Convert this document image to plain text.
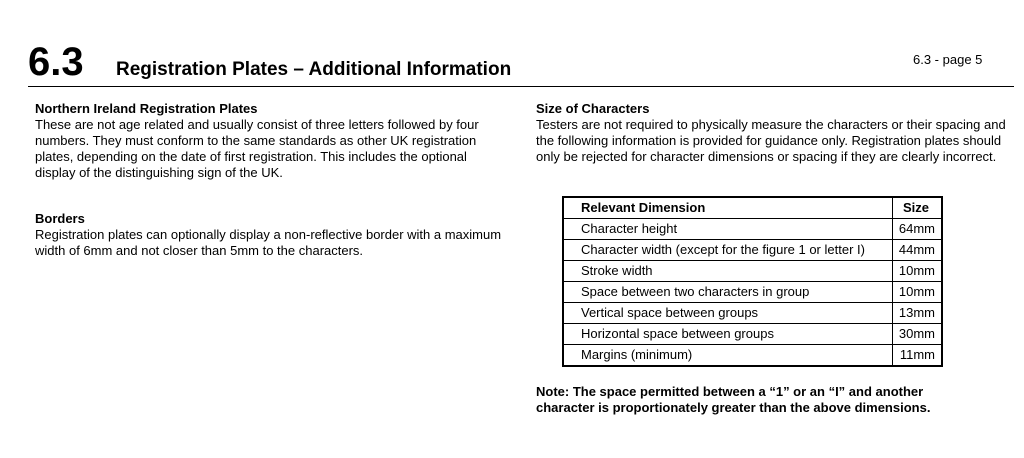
6.3 Registration Plates – Additional Information	6.3 - page 5
Northern Ireland Registration Plates

These are not age related and usually consist of three letters followed by four numbers. They must conform to the same standards as other UK registration plates, depending on the date of first registration. This includes the optional display of the distinguishing sign of the UK.

Borders

Registration plates can optionally display a non-reflective border with a maximum width of 6mm and not closer than 5mm to the characters.

Size of Characters

Testers are not required to physically measure the characters or their spacing and the following information is provided for guidance only. Registration plates should only be rejected for character dimensions or spacing if they are clearly incorrect.

Relevant Dimension	Size
Character height	64mm
Character width (except for the figure 1 or letter I)	44mm
Stroke width	10mm
Space between two characters in group	10mm
Vertical space between groups	13mm
Horizontal space between groups	30mm
Margins (minimum)	11mm
Note: The space permitted between a “1” or an “I” and another character is proportionately greater than the above dimensions.
